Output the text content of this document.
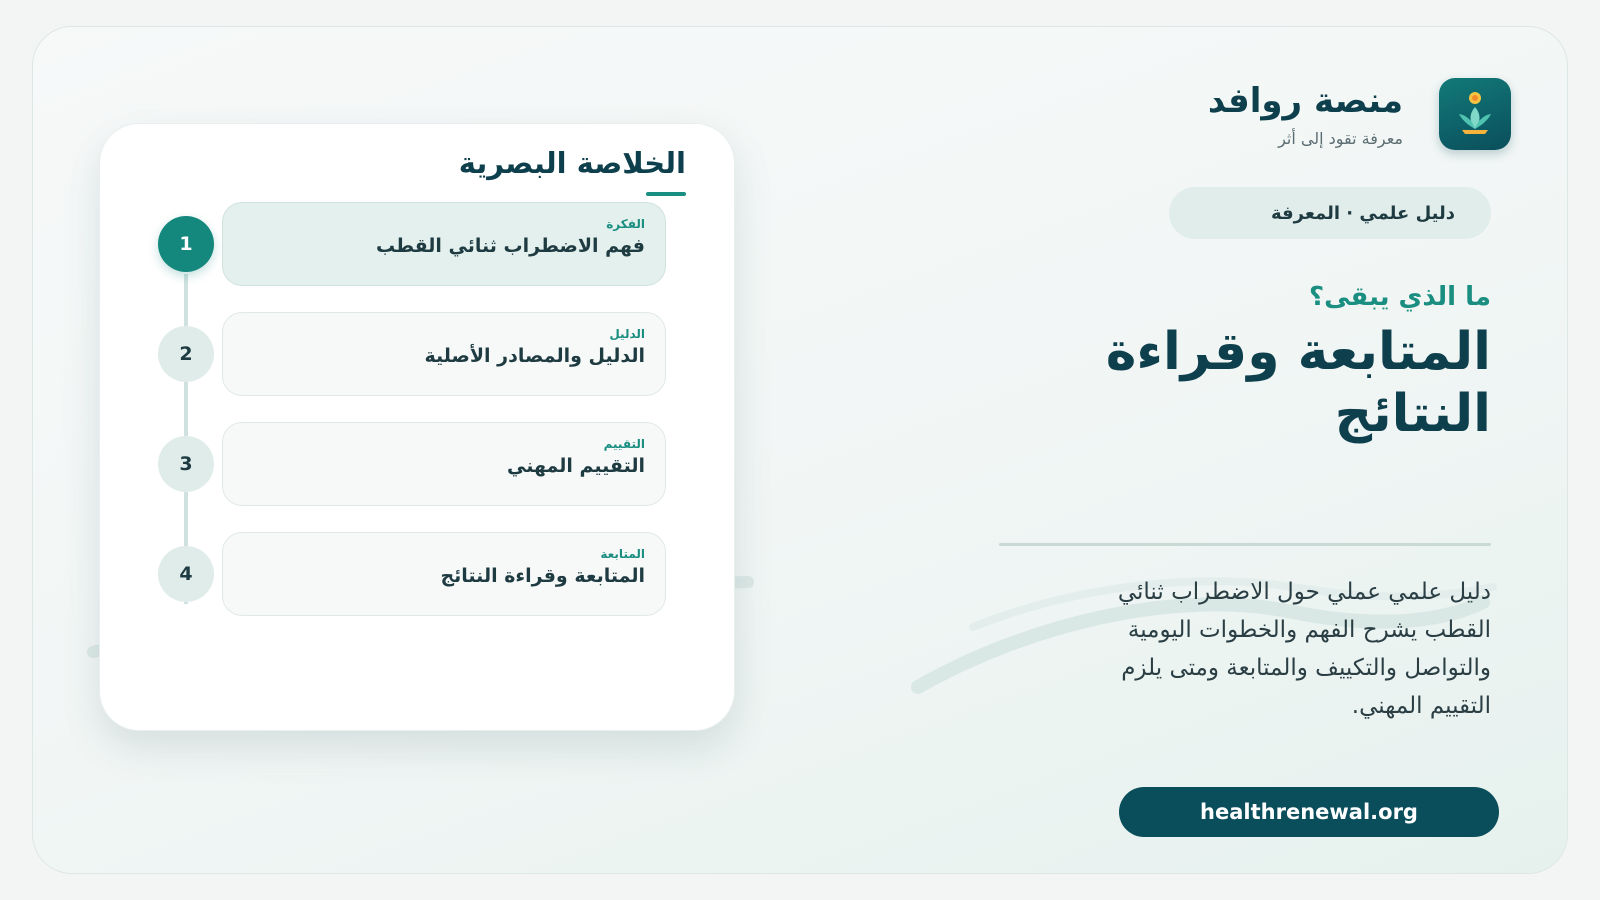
الخلاصة البصرية
1
الفكرة
فهم الاضطراب ثنائي القطب
2
الدليل
الدليل والمصادر الأصلية
3
التقييم
التقييم المهني
4
المتابعة
المتابعة وقراءة النتائج
منصة روافد
معرفة تقود إلى أثر
دليل علمي · المعرفة
ما الذي يبقى؟
المتابعة وقراءة النتائج
دليل علمي عملي حول الاضطراب ثنائي القطب يشرح الفهم والخطوات اليومية والتواصل والتكييف والمتابعة ومتى يلزم التقييم المهني.
healthrenewal.org
